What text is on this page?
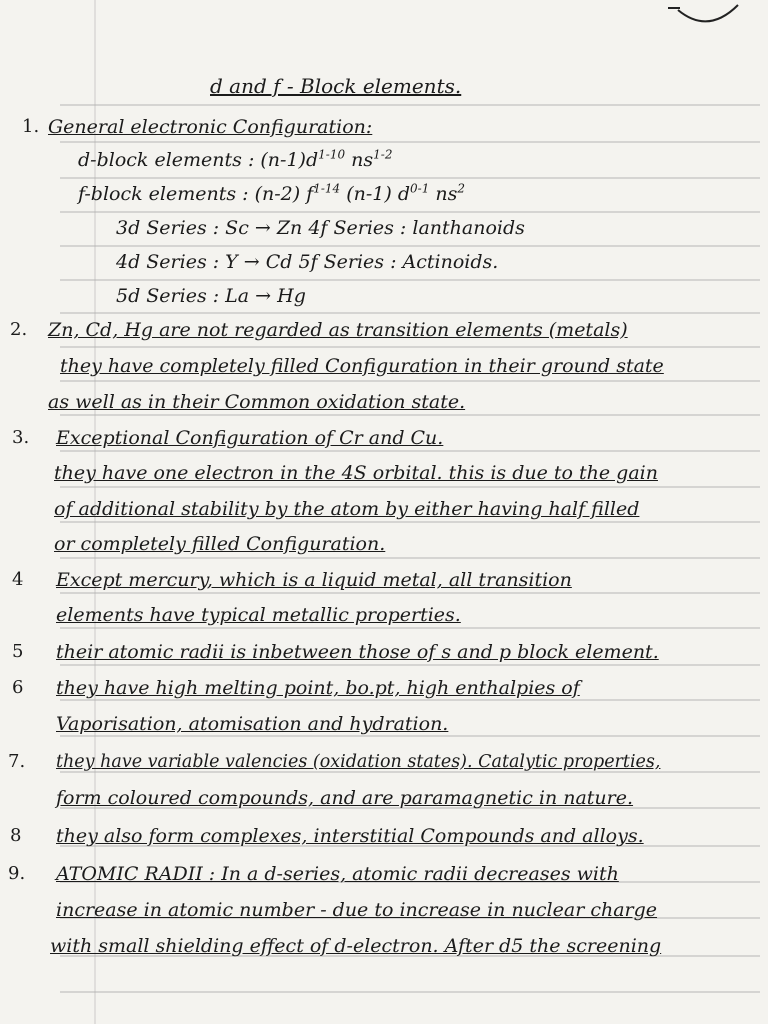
d and f - Block elements.
1. General electronic Configuration:
d-block elements : $(n-1)d^{1-10}$ $ns^{1-2}$
f-block elements : (n-2) $f^{1-14}$ (n-1) $d^{0-1}$ $ns^2$
3d Series : Sc → Zn 4f Series : lanthanoids
4d Series : Y → Cd 5f Series : Actinoids.
5d Series : La → Hg
2. Zn, Cd, Hg are not regarded as transition elements (metals)
they have completely filled Configuration in their ground state
as well as in their Common oxidation state.
3. Exceptional Configuration of Cr and Cu.
they have one electron in the 4S orbital. this is due to the gain
of additional stability by the atom by either having half filled
or completely filled Configuration.
4 Except mercury, which is a liquid metal, all transition
elements have typical metallic properties.
5 their atomic radii is inbetween those of s and p block element.
6 they have high melting point, bo.pt, high enthalpies of
Vaporisation, atomisation and hydration.
7. they have variable valencies (oxidation states). Catalytic properties,
form coloured compounds, and are paramagnetic in nature.
8 they also form complexes, interstitial Compounds and alloys.
9. ATOMIC RADII : In a d-series, atomic radii decreases with
increase in atomic number - due to increase in nuclear charge
with small shielding effect of d-electron. After d5 the screening
